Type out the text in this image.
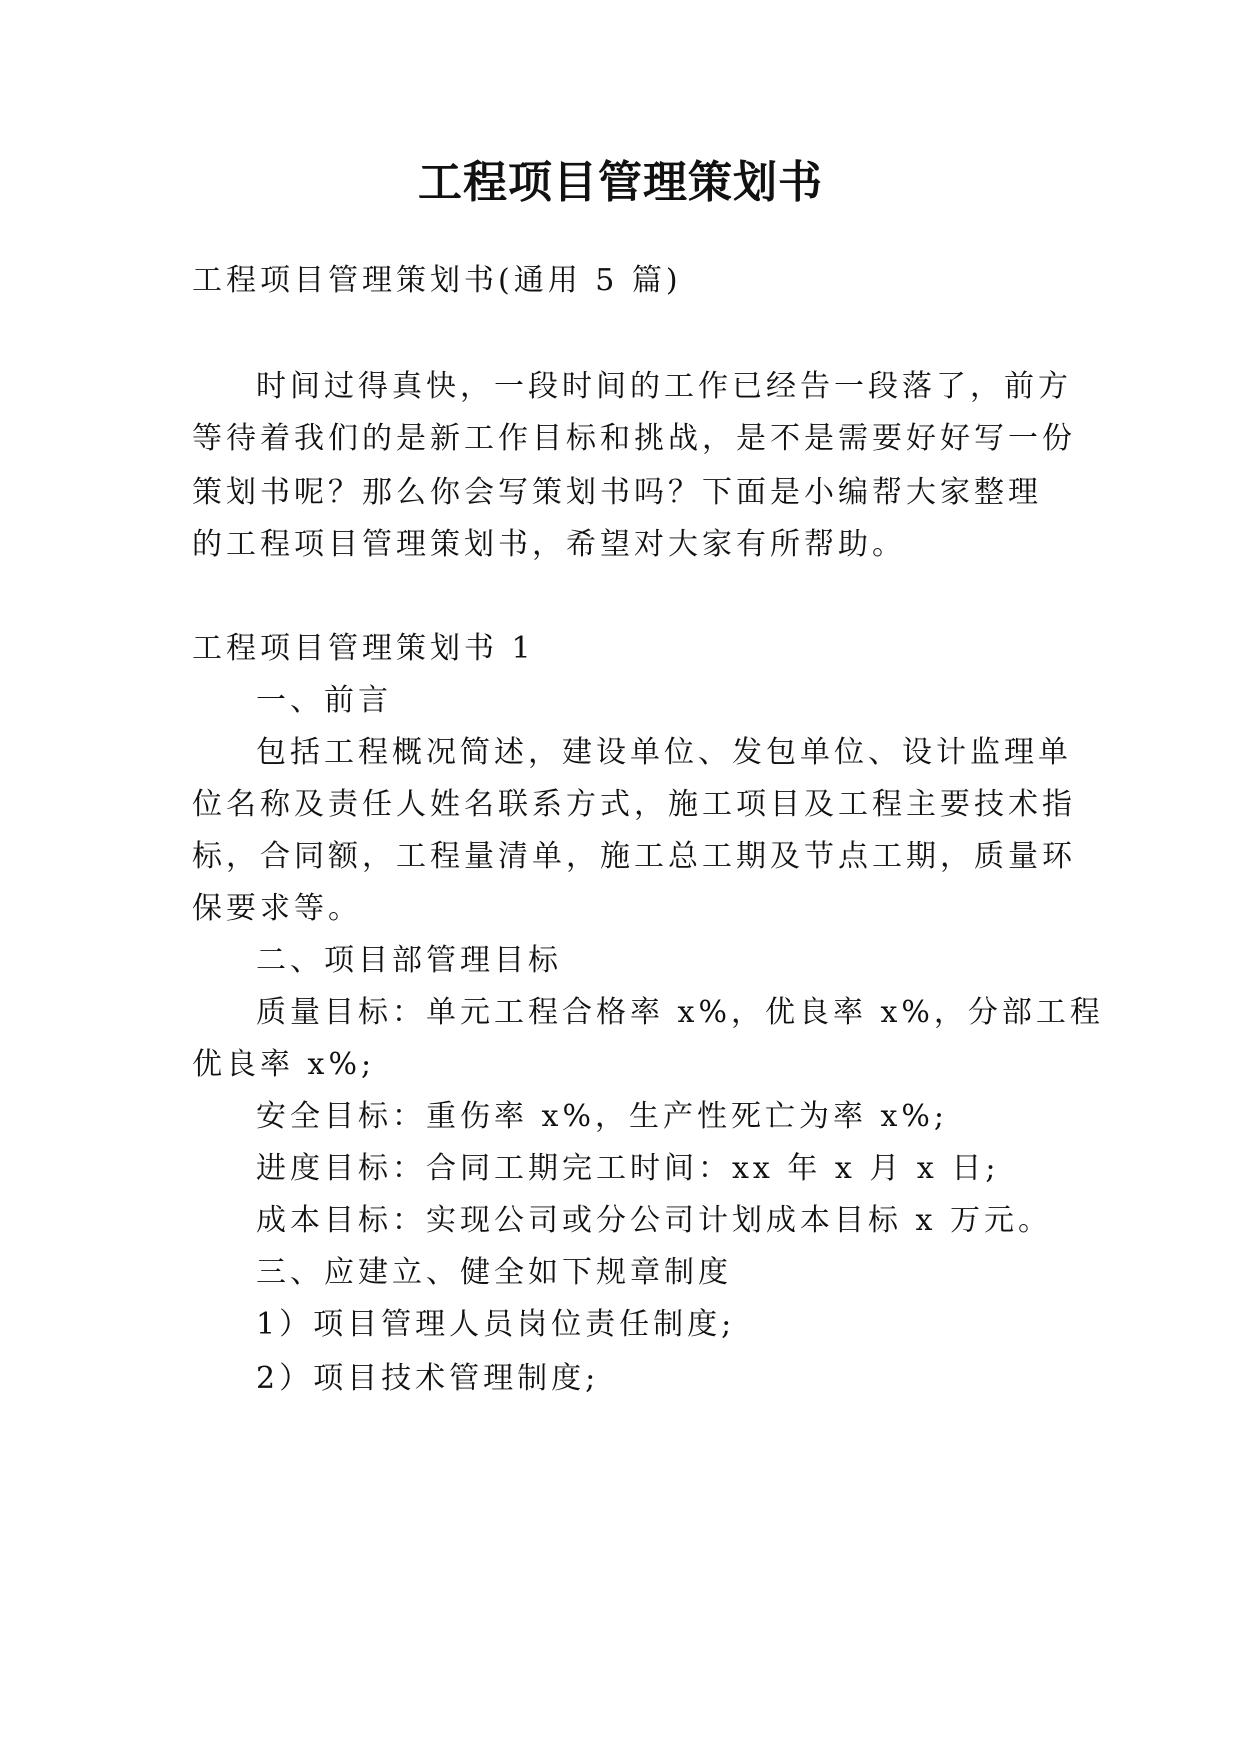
工程项目管理策划书
工程项目管理策划书(通用 5 篇)
时间过得真快，一段时间的工作已经告一段落了，前方
等待着我们的是新工作目标和挑战，是不是需要好好写一份
策划书呢？那么你会写策划书吗？下面是小编帮大家整理
的工程项目管理策划书，希望对大家有所帮助。
工程项目管理策划书 1
一、前言
包括工程概况简述，建设单位、发包单位、设计监理单
位名称及责任人姓名联系方式，施工项目及工程主要技术指
标，合同额，工程量清单，施工总工期及节点工期，质量环
保要求等。
二、项目部管理目标
质量目标：单元工程合格率 x%，优良率 x%，分部工程
优良率 x%;
安全目标：重伤率 x%，生产性死亡为率 x%;
进度目标：合同工期完工时间：xx 年 x 月 x 日;
成本目标：实现公司或分公司计划成本目标 x 万元。
三、应建立、健全如下规章制度
1）项目管理人员岗位责任制度;
2）项目技术管理制度;
